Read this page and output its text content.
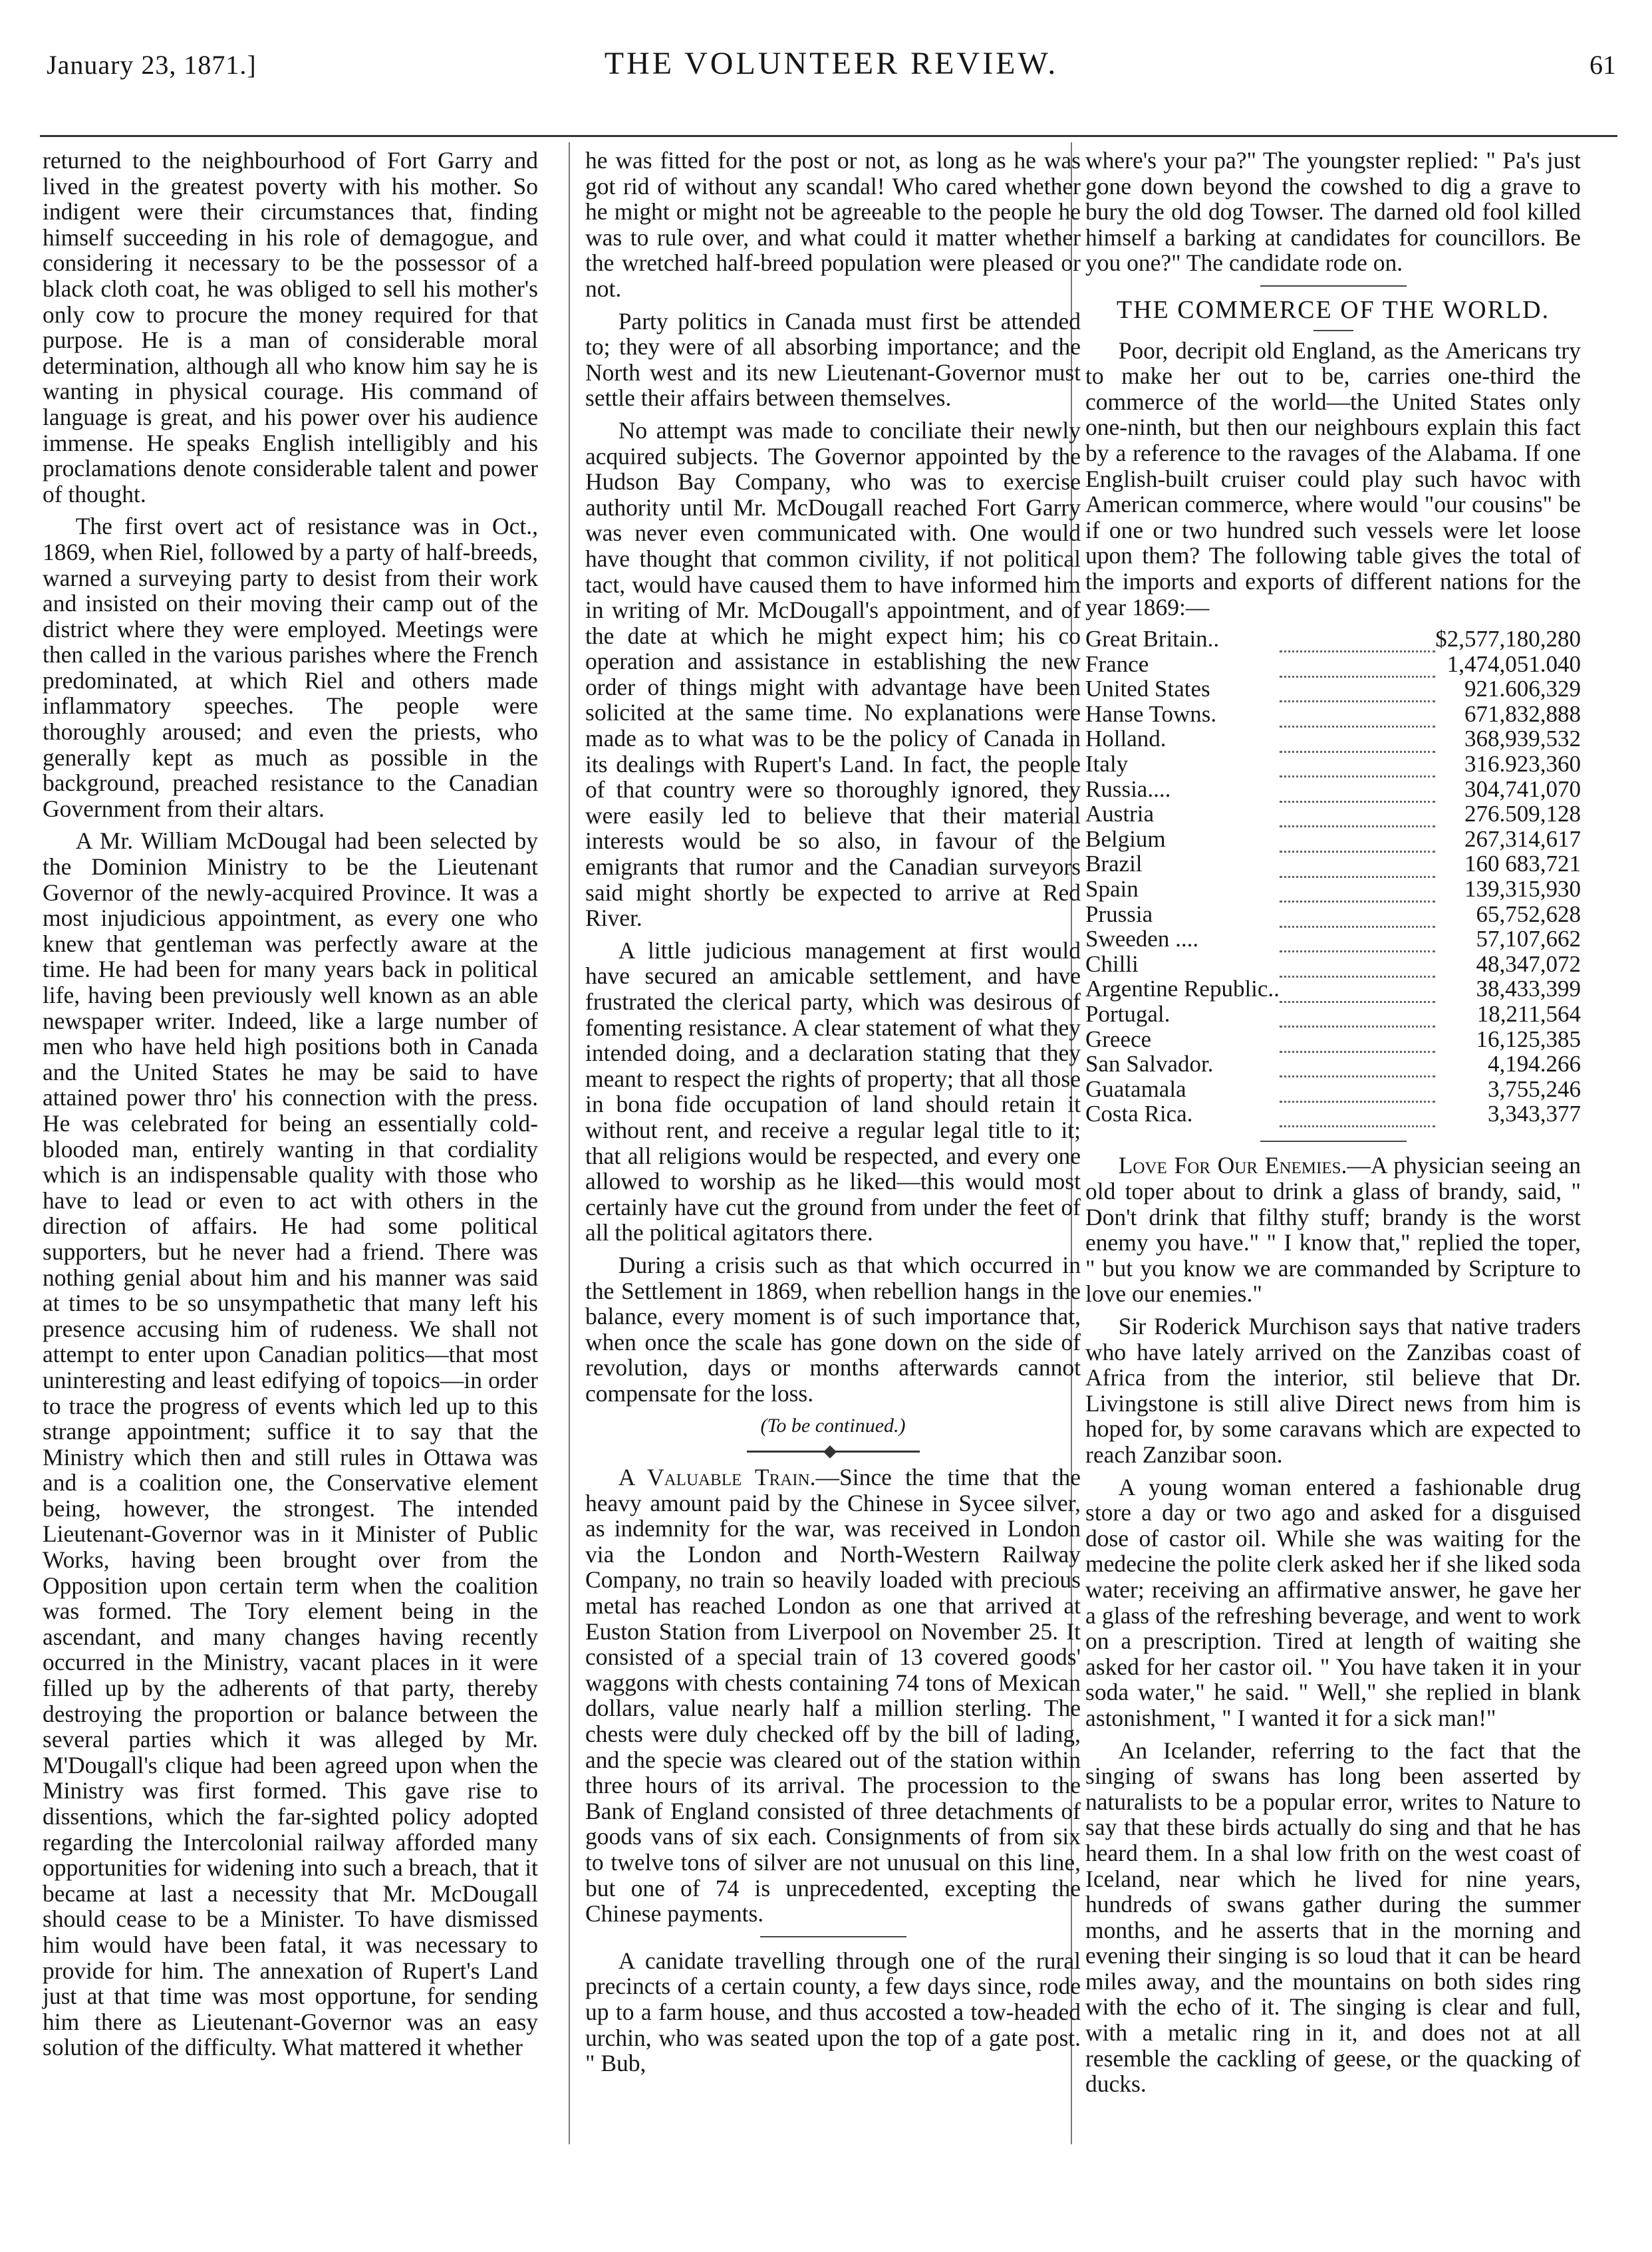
January 23, 1871.]	THE VOLUNTEER REVIEW.	61

returned to the neighbourhood of Fort Garry and lived in the greatest poverty with his mother. So indigent were their circumstances that, finding himself succeeding in his role of demagogue, and considering it necessary to be the possessor of a black cloth coat, he was obliged to sell his mother's only cow to procure the money required for that purpose. He is a man of considerable moral determination, although all who know him say he is wanting in physical courage. His command of language is great, and his power over his audience immense. He speaks English intelligibly and his proclamations denote considerable talent and power of thought.

The first overt act of resistance was in Oct., 1869, when Riel, followed by a party of half-breeds, warned a surveying party to desist from their work and insisted on their moving their camp out of the district where they were employed. Meetings were then called in the various parishes where the French predominated, at which Riel and others made inflammatory speeches. The people were thoroughly aroused; and even the priests, who generally kept as much as possible in the background, preached resistance to the Canadian Government from their altars.

A Mr. William McDougal had been selected by the Dominion Ministry to be the Lieutenant Governor of the newly-acquired Province. It was a most injudicious appointment, as every one who knew that gentleman was perfectly aware at the time. He had been for many years back in political life, having been previously well known as an able newspaper writer. Indeed, like a large number of men who have held high positions both in Canada and the United States he may be said to have attained power thro' his connection with the press. He was celebrated for being an essentially cold-blooded man, entirely wanting in that cordiality which is an indispensable quality with those who have to lead or even to act with others in the direction of affairs. He had some political supporters, but he never had a friend. There was nothing genial about him and his manner was said at times to be so unsympathetic that many left his presence accusing him of rudeness. We shall not attempt to enter upon Canadian politics—that most uninteresting and least edifying of topoics—in order to trace the progress of events which led up to this strange appointment; suffice it to say that the Ministry which then and still rules in Ottawa was and is a coalition one, the Conservative element being, however, the strongest. The intended Lieutenant-Governor was in it Minister of Public Works, having been brought over from the Opposition upon certain term when the coalition was formed. The Tory element being in the ascendant, and many changes having recently occurred in the Ministry, vacant places in it were filled up by the adherents of that party, thereby destroying the proportion or balance between the several parties which it was alleged by Mr. M'Dougall's clique had been agreed upon when the Ministry was first formed. This gave rise to dissentions, which the far-sighted policy adopted regarding the Intercolonial railway afforded many opportunities for widening into such a breach, that it became at last a necessity that Mr. McDougall should cease to be a Minister. To have dismissed him would have been fatal, it was necessary to provide for him. The annexation of Rupert's Land just at that time was most opportune, for sending him there as Lieutenant-Governor was an easy solution of the difficulty. What mattered it whether

he was fitted for the post or not, as long as he was got rid of without any scandal! Who cared whether he might or might not be agreeable to the people he was to rule over, and what could it matter whether the wretched half-breed population were pleased or not.

Party politics in Canada must first be attended to; they were of all absorbing importance; and the North west and its new Lieutenant-Governor must settle their affairs between themselves.

No attempt was made to conciliate their newly acquired subjects. The Governor appointed by the Hudson Bay Company, who was to exercise authority until Mr. McDougall reached Fort Garry was never even communicated with. One would have thought that common civility, if not political tact, would have caused them to have informed him in writing of Mr. McDougall's appointment, and of the date at which he might expect him; his co operation and assistance in establishing the new order of things might with advantage have been solicited at the same time. No explanations were made as to what was to be the policy of Canada in its dealings with Rupert's Land. In fact, the people of that country were so thoroughly ignored, they were easily led to believe that their material interests would be so also, in favour of the emigrants that rumor and the Canadian surveyors said might shortly be expected to arrive at Red River.

A little judicious management at first would have secured an amicable settlement, and have frustrated the clerical party, which was desirous of fomenting resistance. A clear statement of what they intended doing, and a declaration stating that they meant to respect the rights of property; that all those in bona fide occupation of land should retain it without rent, and receive a regular legal title to it; that all religions would be respected, and every one allowed to worship as he liked—this would most certainly have cut the ground from under the feet of all the political agitators there.

During a crisis such as that which occurred in the Settlement in 1869, when rebellion hangs in the balance, every moment is of such importance that, when once the scale has gone down on the side of revolution, days or months afterwards cannot compensate for the loss.

(To be continued.)

A Valuable Train.—Since the time that the heavy amount paid by the Chinese in Sycee silver, as indemnity for the war, was received in London via the London and North-Western Railway Company, no train so heavily loaded with precious metal has reached London as one that arrived at Euston Station from Liverpool on November 25. It consisted of a special train of 13 covered goods' waggons with chests containing 74 tons of Mexican dollars, value nearly half a million sterling. The chests were duly checked off by the bill of lading, and the specie was cleared out of the station within three hours of its arrival. The procession to the Bank of England consisted of three detachments of goods vans of six each. Consignments of from six to twelve tons of silver are not unusual on this line, but one of 74 is unprecedented, excepting the Chinese payments.

A canidate travelling through one of the rural precincts of a certain county, a few days since, rode up to a farm house, and thus accosted a tow-headed urchin, who was seated upon the top of a gate post. " Bub,

where's your pa?" The youngster replied: " Pa's just gone down beyond the cowshed to dig a grave to bury the old dog Towser. The darned old fool killed himself a barking at candidates for councillors. Be you one?" The candidate rode on.

THE COMMERCE OF THE WORLD.

Poor, decripit old England, as the Americans try to make her out to be, carries one-third the commerce of the world—the United States only one-ninth, but then our neighbours explain this fact by a reference to the ravages of the Alabama. If one English-built cruiser could play such havoc with American commerce, where would "our cousins" be if one or two hundred such vessels were let loose upon them? The following table gives the total of the imports and exports of different nations for the year 1869:—

Great Britain..		$2,577,180,280
France		1,474,051.040
United States		921.606,329
Hanse Towns.		671,832,888
Holland.		368,939,532
Italy		316.923,360
Russia....		304,741,070
Austria		276.509,128
Belgium		267,314,617
Brazil		160 683,721
Spain		139,315,930
Prussia		65,752,628
Sweeden ....		57,107,662
Chilli		48,347,072
Argentine Republic..		38,433,399
Portugal.		18,211,564
Greece		16,125,385
San Salvador.		4,194.266
Guatamala		3,755,246
Costa Rica.		3,343,377

Love For Our Enemies.—A physician seeing an old toper about to drink a glass of brandy, said, " Don't drink that filthy stuff; brandy is the worst enemy you have." " I know that," replied the toper, " but you know we are commanded by Scripture to love our enemies."

Sir Roderick Murchison says that native traders who have lately arrived on the Zanzibas coast of Africa from the interior, stil believe that Dr. Livingstone is still alive Direct news from him is hoped for, by some caravans which are expected to reach Zanzibar soon.

A young woman entered a fashionable drug store a day or two ago and asked for a disguised dose of castor oil. While she was waiting for the medecine the polite clerk asked her if she liked soda water; receiving an affirmative answer, he gave her a glass of the refreshing beverage, and went to work on a prescription. Tired at length of waiting she asked for her castor oil. " You have taken it in your soda water," he said. " Well," she replied in blank astonishment, " I wanted it for a sick man!"

An Icelander, referring to the fact that the singing of swans has long been asserted by naturalists to be a popular error, writes to Nature to say that these birds actually do sing and that he has heard them. In a shal low frith on the west coast of Iceland, near which he lived for nine years, hundreds of swans gather during the summer months, and he asserts that in the morning and evening their singing is so loud that it can be heard miles away, and the mountains on both sides ring with the echo of it. The singing is clear and full, with a metalic ring in it, and does not at all resemble the cackling of geese, or the quacking of ducks.
